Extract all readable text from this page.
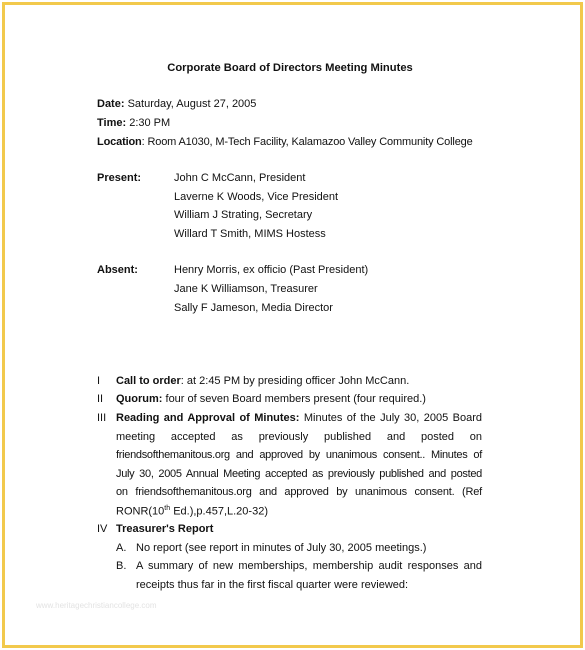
Corporate Board of Directors Meeting Minutes
Date: Saturday, August 27, 2005
Time: 2:30 PM
Location: Room A1030, M-Tech Facility, Kalamazoo Valley Community College
Present:	John C McCann, President
Laverne K Woods, Vice President
William J Strating, Secretary
Willard T Smith, MIMS Hostess
Absent:	Henry Morris, ex officio (Past President)
Jane K Williamson, Treasurer
Sally F Jameson, Media Director
I Call to order: at 2:45 PM by presiding officer John McCann.
II Quorum: four of seven Board members present (four required.)
III Reading and Approval of Minutes: Minutes of the July 30, 2005 Board
meeting accepted as previously published and posted on
friendsofthemanitous.org and approved by unanimous consent.. Minutes of
July 30, 2005 Annual Meeting accepted as previously published and posted
on friendsofthemanitous.org and approved by unanimous consent. (Ref
RONR(10th Ed.),p.457,L.20-32)
IV Treasurer's Report
A. No report (see report in minutes of July 30, 2005 meetings.)
B. A summary of new memberships, membership audit responses and
receipts thus far in the first fiscal quarter were reviewed:
www.heritagechristiancollege.com
